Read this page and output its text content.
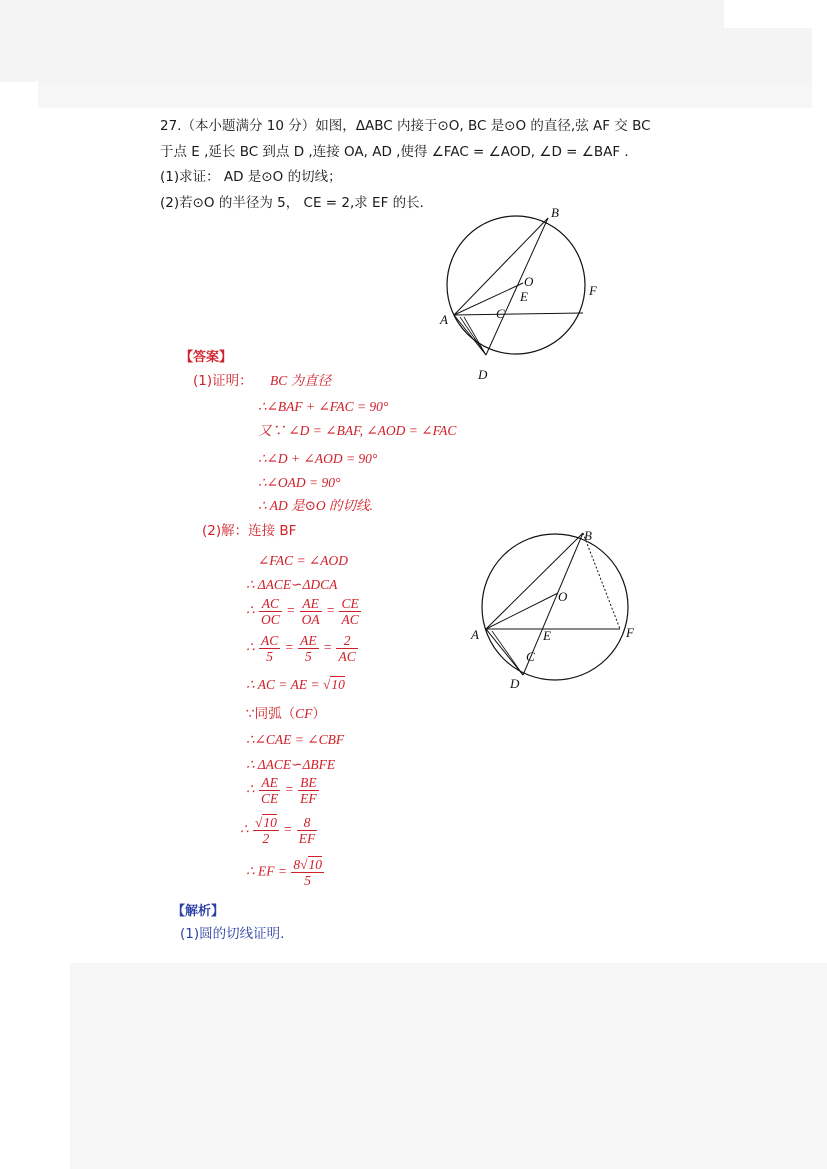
27.（本小题满分 10 分）如图，ΔABC 内接于⊙O, BC 是⊙O 的直径,弦 AF 交 BC
于点 E ,延长 BC 到点 D ,连接 OA, AD ,使得 ∠FAC = ∠AOD, ∠D = ∠BAF .
(1)求证： AD 是⊙O 的切线；
(2)若⊙O 的半径为 5， CE = 2,求 EF 的长.
B
O
E	F
A	C
D
【答案】
(1)证明： BC 为直径
∴∠BAF + ∠FAC = 90°
又∵ ∠D = ∠BAF, ∠AOD = ∠FAC
∴∠D + ∠AOD = 90°
∴∠OAD = 90°
∴ AD 是⊙O 的切线.
(2)解：连接 BF
∠FAC = ∠AOD
∴ ΔACE∽ΔDCA
∴ $\frac{AC}{OC} = \frac{AE}{OA} = \frac{CE}{AC}$
∴ $\frac{AC}{5} = \frac{AE}{5} = \frac{2}{AC}$
∴ AC = AE = √10
∵同弧（CF）
∴∠CAE = ∠CBF
∴ ΔACE∽ΔBFE
∴ $\frac{AE}{CE} = \frac{BE}{EF}$
∴ $\frac{√10}{2} = \frac{8}{EF}$
∴ EF = $\frac{8√10}{5}$
B
O
E	F
A
C
D
【解析】
(1)圆的切线证明.
